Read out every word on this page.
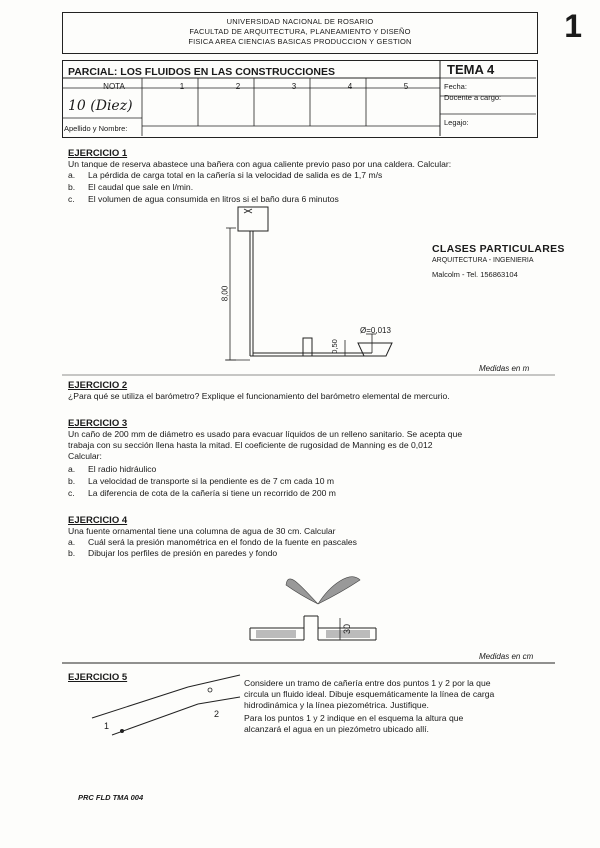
UNIVERSIDAD NACIONAL DE ROSARIO
FACULTAD DE ARQUITECTURA, PLANEAMIENTO Y DISEÑO
FISICA AREA CIENCIAS BASICAS PRODUCCION Y GESTION	1
PARCIAL: LOS FLUIDOS EN LAS CONSTRUCCIONES	TEMA 4
NOTA	1	2	3	4	5
10 (Diez)
Apellido y Nombre:
Fecha:
Docente a cargo:
Legajo:
EJERCICIO 1
Un tanque de reserva abastece una bañera con agua caliente previo paso por una caldera. Calcular:
a. La pérdida de carga total en la cañería si la velocidad de salida es de 1,7 m/s
b. El caudal que sale en l/min.
c. El volumen de agua consumida en litros si el baño dura 6 minutos
8,00
0,50
Ø=0,013
Medidas en m
CLASES PARTICULARES
ARQUITECTURA - INGENIERIA
Malcolm - Tel. 156863104
EJERCICIO 2
¿Para qué se utiliza el barómetro? Explique el funcionamiento del barómetro elemental de mercurio.
EJERCICIO 3
Un caño de 200 mm de diámetro es usado para evacuar líquidos de un relleno sanitario. Se acepta que
trabaja con su sección llena hasta la mitad. El coeficiente de rugosidad de Manning es de 0,012
Calcular:
a. El radio hidráulico
b. La velocidad de transporte si la pendiente es de 7 cm cada 10 m
c. La diferencia de cota de la cañería si tiene un recorrido de 200 m
EJERCICIO 4
Una fuente ornamental tiene una columna de agua de 30 cm. Calcular
a. Cuál será la presión manométrica en el fondo de la fuente en pascales
b. Dibujar los perfiles de presión en paredes y fondo
30
Medidas en cm
EJERCICIO 5	Considere un tramo de cañería entre dos puntos 1 y 2 por la que
circula un fluido ideal. Dibuje esquemáticamente la línea de carga
hidrodinámica y la línea piezométrica. Justifique.
Para los puntos 1 y 2 indique en el esquema la altura que
alcanzará el agua en un piezómetro ubicado allí.
1
2
PRC FLD TMA 004
